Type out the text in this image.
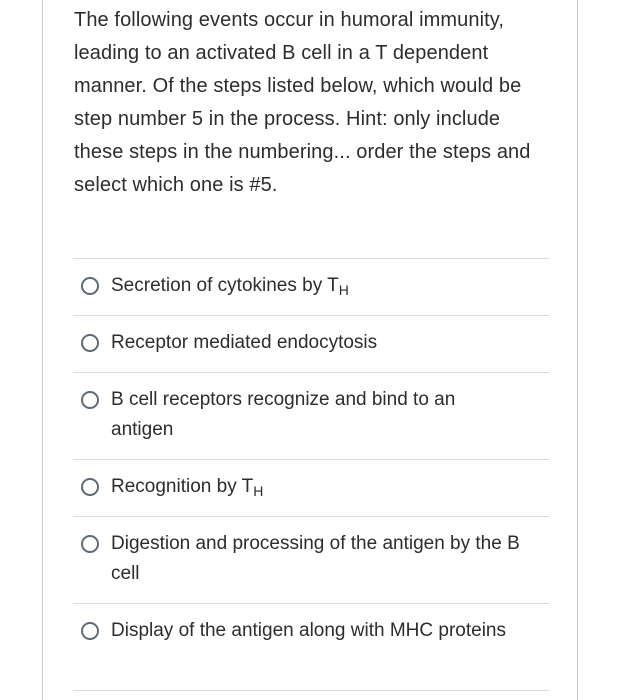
The following events occur in humoral immunity, leading to an activated B cell in a T dependent manner. Of the steps listed below, which would be step number 5 in the process. Hint: only include these steps in the numbering... order the steps and select which one is #5.

Secretion of cytokines by $T_H$
Receptor mediated endocytosis
B cell receptors recognize and bind to an antigen
Recognition by $T_H$
Digestion and processing of the antigen by the B cell
Display of the antigen along with MHC proteins
